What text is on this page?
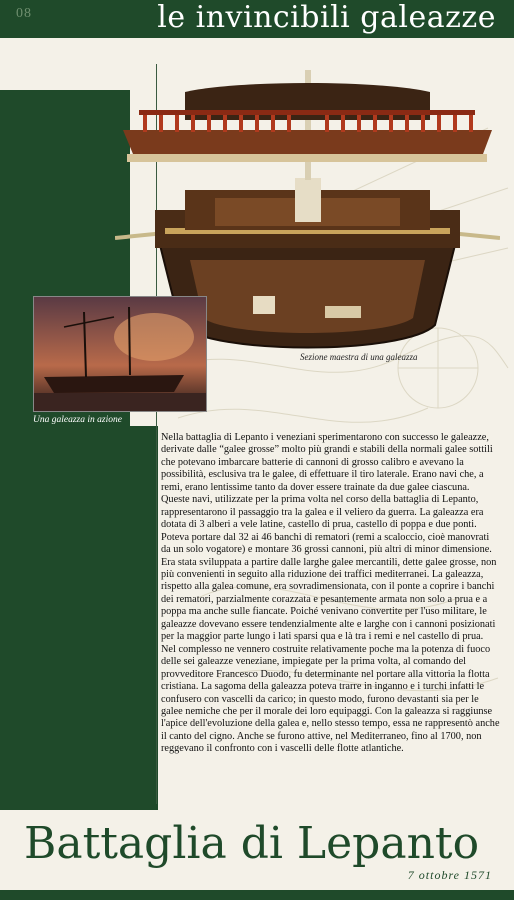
08	le invincibili galeazze
Sezione maestra di una galeazza
Una galeazza in azione

Nella battaglia di Lepanto i veneziani sperimentarono con successo le galeazze, derivate dalle “galee grosse” molto più grandi e stabili della normali galee sottili che potevano imbarcare batterie di cannoni di grosso calibro e avevano la possibilità, esclusiva tra le galee, di effettuare il tiro laterale. Erano navi che, a remi, erano lentissime tanto da dover essere trainate da due galee ciascuna.

Queste navi, utilizzate per la prima volta nel corso della battaglia di Lepanto, rappresentarono il passaggio tra la galea e il veliero da guerra. La galeazza era dotata di 3 alberi a vele latine, castello di prua, castello di poppa e due ponti. Poteva portare dal 32 ai 46 banchi di rematori (remi a scaloccio, cioè manovrati da un solo vogatore) e montare 36 grossi cannoni, più altri di minor dimensione.

Era stata sviluppata a partire dalle larghe galee mercantili, dette galee grosse, non più convenienti in seguito alla riduzione dei traffici mediterranei. La galeazza, rispetto alla galea comune, era sovradimensionata, con il ponte a coprire i banchi dei rematori, parzialmente corazzata e pesantemente armata non solo a prua e a poppa ma anche sulle fiancate. Poiché venivano convertite per l'uso militare, le galeazze dovevano essere tendenzialmente alte e larghe con i cannoni posizionati per la maggior parte lungo i lati sparsi qua e là tra i remi e nel castello di prua.

Nel complesso ne vennero costruite relativamente poche ma la potenza di fuoco delle sei galeazze veneziane, impiegate per la prima volta, al comando del provveditore Francesco Duodo, fu determinante nel portare alla vittoria la flotta cristiana. La sagoma della galeazza poteva trarre in inganno e i turchi infatti le confusero con vascelli da carico; in questo modo, furono devastanti sia per le galee nemiche che per il morale dei loro equipaggi. Con la galeazza si raggiunse l'apice dell'evoluzione della galea e, nello stesso tempo, essa ne rappresentò anche il canto del cigno. Anche se furono attive, nel Mediterraneo, fino al 1700, non reggevano il confronto con i vascelli delle flotte atlantiche.

Battaglia di Lepanto
7 ottobre 1571
